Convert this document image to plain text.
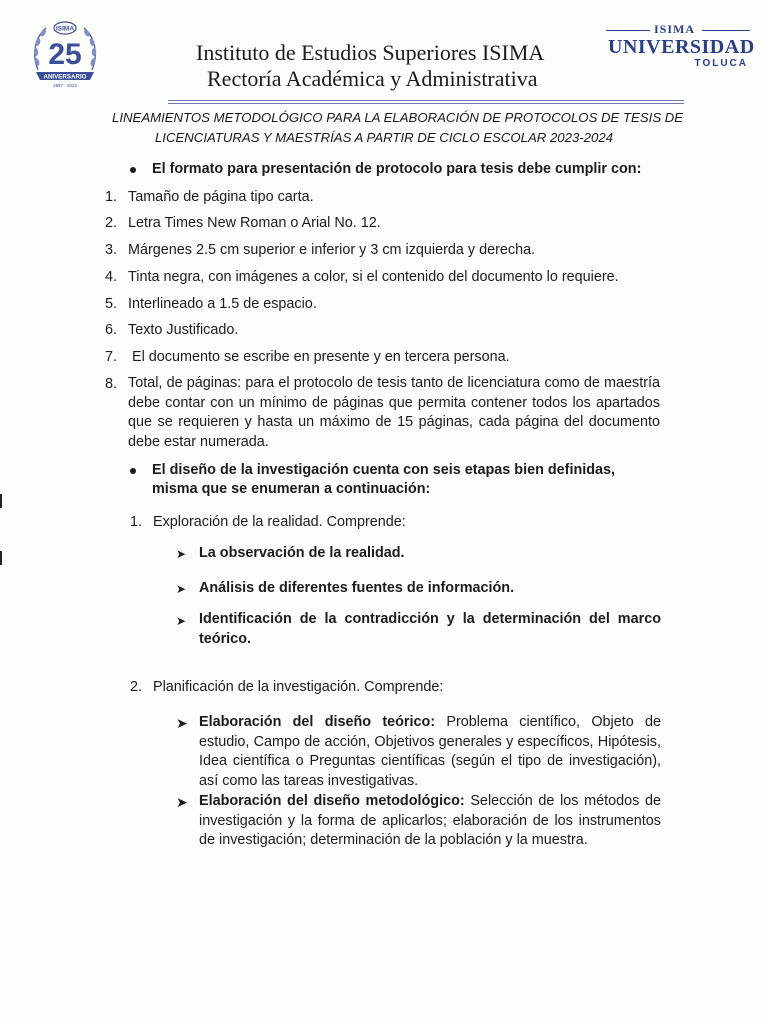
ISIMA
25
ANIVERSARIO
1997 - 2022
Instituto de Estudios Superiores ISIMA
Rectoría Académica y Administrativa
ISIMA
UNIVERSIDAD
TOLUCA
LINEAMIENTOS METODOLÓGICO PARA LA ELABORACIÓN DE PROTOCOLOS DE TESIS DE
LICENCIATURAS Y MAESTRÍAS A PARTIR DE CICLO ESCOLAR 2023-2024
El formato para presentación de protocolo para tesis debe cumplir con:
1. Tamaño de página tipo carta.
2. Letra Times New Roman o Arial No. 12.
3. Márgenes 2.5 cm superior e inferior y 3 cm izquierda y derecha.
4. Tinta negra, con imágenes a color, si el contenido del documento lo requiere.
5. Interlineado a 1.5 de espacio.
6. Texto Justificado.
7. El documento se escribe en presente y en tercera persona.
8. Total, de páginas: para el protocolo de tesis tanto de licenciatura como de maestría debe contar con un mínimo de páginas que permita contener todos los apartados que se requieren y hasta un máximo de 15 páginas, cada página del documento debe estar numerada.
El diseño de la investigación cuenta con seis etapas bien definidas,
misma que se enumeran a continuación:
1. Exploración de la realidad. Comprende:
➤ La observación de la realidad.
➤ Análisis de diferentes fuentes de información.
➤ Identificación de la contradicción y la determinación del marco teórico.
2. Planificación de la investigación. Comprende:
➤ Elaboración del diseño teórico: Problema científico, Objeto de estudio, Campo de acción, Objetivos generales y específicos, Hipótesis, Idea científica o Preguntas científicas (según el tipo de investigación), así como las tareas investigativas.
➤ Elaboración del diseño metodológico: Selección de los métodos de investigación y la forma de aplicarlos; elaboración de los instrumentos de investigación; determinación de la población y la muestra.
